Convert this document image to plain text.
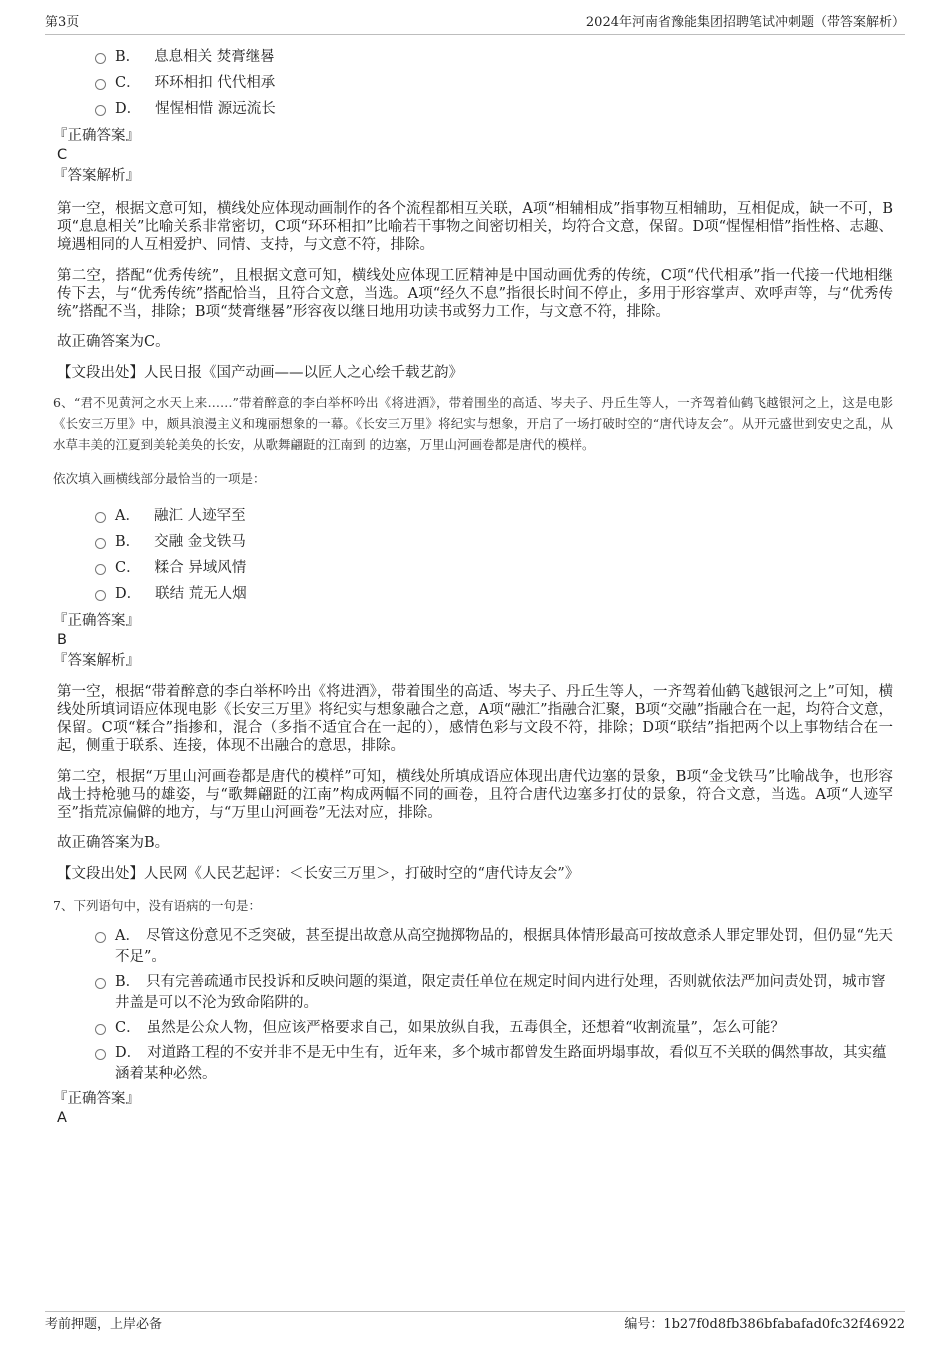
第3页	2024年河南省豫能集团招聘笔试冲刺题（带答案解析）
B． 息息相关 焚膏继晷
C． 环环相扣 代代相承
D． 惺惺相惜 源远流长
『正确答案』
C
『答案解析』

第一空，根据文意可知，横线处应体现动画制作的各个流程都相互关联，A项“相辅相成”指事物互相辅助，互相促成，缺一不可，B项“息息相关”比喻关系非常密切，C项“环环相扣”比喻若干事物之间密切相关，均符合文意，保留。D项“惺惺相惜”指性格、志趣、境遇相同的人互相爱护、同情、支持，与文意不符，排除。

第二空，搭配“优秀传统”，且根据文意可知，横线处应体现工匠精神是中国动画优秀的传统，C项“代代相承”指一代接一代地相继传下去，与“优秀传统”搭配恰当，且符合文意，当选。A项“经久不息”指很长时间不停止，多用于形容掌声、欢呼声等，与“优秀传统”搭配不当，排除；B项“焚膏继晷”形容夜以继日地用功读书或努力工作，与文意不符，排除。

故正确答案为C。

【文段出处】人民日报《国产动画——以匠人之心绘千载艺韵》

6、“君不见黄河之水天上来……”带着醉意的李白举杯吟出《将进酒》，带着围坐的高适、岑夫子、丹丘生等人，一齐驾着仙鹤飞越银河之上，这是电影《长安三万里》中，颇具浪漫主义和瑰丽想象的一幕。《长安三万里》将纪实与想象，开启了一场打破时空的“唐代诗友会”。从开元盛世到安史之乱，从水草丰美的江夏到美轮美奂的长安，从歌舞翩跹的江南到 的边塞，万里山河画卷都是唐代的模样。

依次填入画横线部分最恰当的一项是：
A． 融汇 人迹罕至
B． 交融 金戈铁马
C． 糅合 异域风情
D． 联结 荒无人烟
『正确答案』
B
『答案解析』

第一空，根据“带着醉意的李白举杯吟出《将进酒》，带着围坐的高适、岑夫子、丹丘生等人，一齐驾着仙鹤飞越银河之上”可知，横线处所填词语应体现电影《长安三万里》将纪实与想象融合之意，A项“融汇”指融合汇聚，B项“交融”指融合在一起，均符合文意，保留。C项“糅合”指掺和，混合（多指不适宜合在一起的），感情色彩与文段不符，排除；D项“联结”指把两个以上事物结合在一起，侧重于联系、连接，体现不出融合的意思，排除。

第二空，根据“万里山河画卷都是唐代的模样”可知，横线处所填成语应体现出唐代边塞的景象，B项“金戈铁马”比喻战争，也形容战士持枪驰马的雄姿，与“歌舞翩跹的江南”构成两幅不同的画卷，且符合唐代边塞多打仗的景象，符合文意，当选。A项“人迹罕至”指荒凉偏僻的地方，与“万里山河画卷”无法对应，排除。

故正确答案为B。

【文段出处】人民网《人民艺起评：＜长安三万里＞，打破时空的“唐代诗友会”》

7、下列语句中，没有语病的一句是：
A． 尽管这份意见不乏突破，甚至提出故意从高空抛掷物品的，根据具体情形最高可按故意杀人罪定罪处罚，但仍显“先天不足”。
B． 只有完善疏通市民投诉和反映问题的渠道，限定责任单位在规定时间内进行处理，否则就依法严加问责处罚，城市窨井盖是可以不沦为致命陷阱的。
C． 虽然是公众人物，但应该严格要求自己，如果放纵自我，五毒俱全，还想着“收割流量”，怎么可能？
D． 对道路工程的不安并非不是无中生有，近年来，多个城市都曾发生路面坍塌事故，看似互不关联的偶然事故，其实蕴涵着某种必然。
『正确答案』
A
考前押题，上岸必备	编号：1b27f0d8fb386bfabafad0fc32f46922
